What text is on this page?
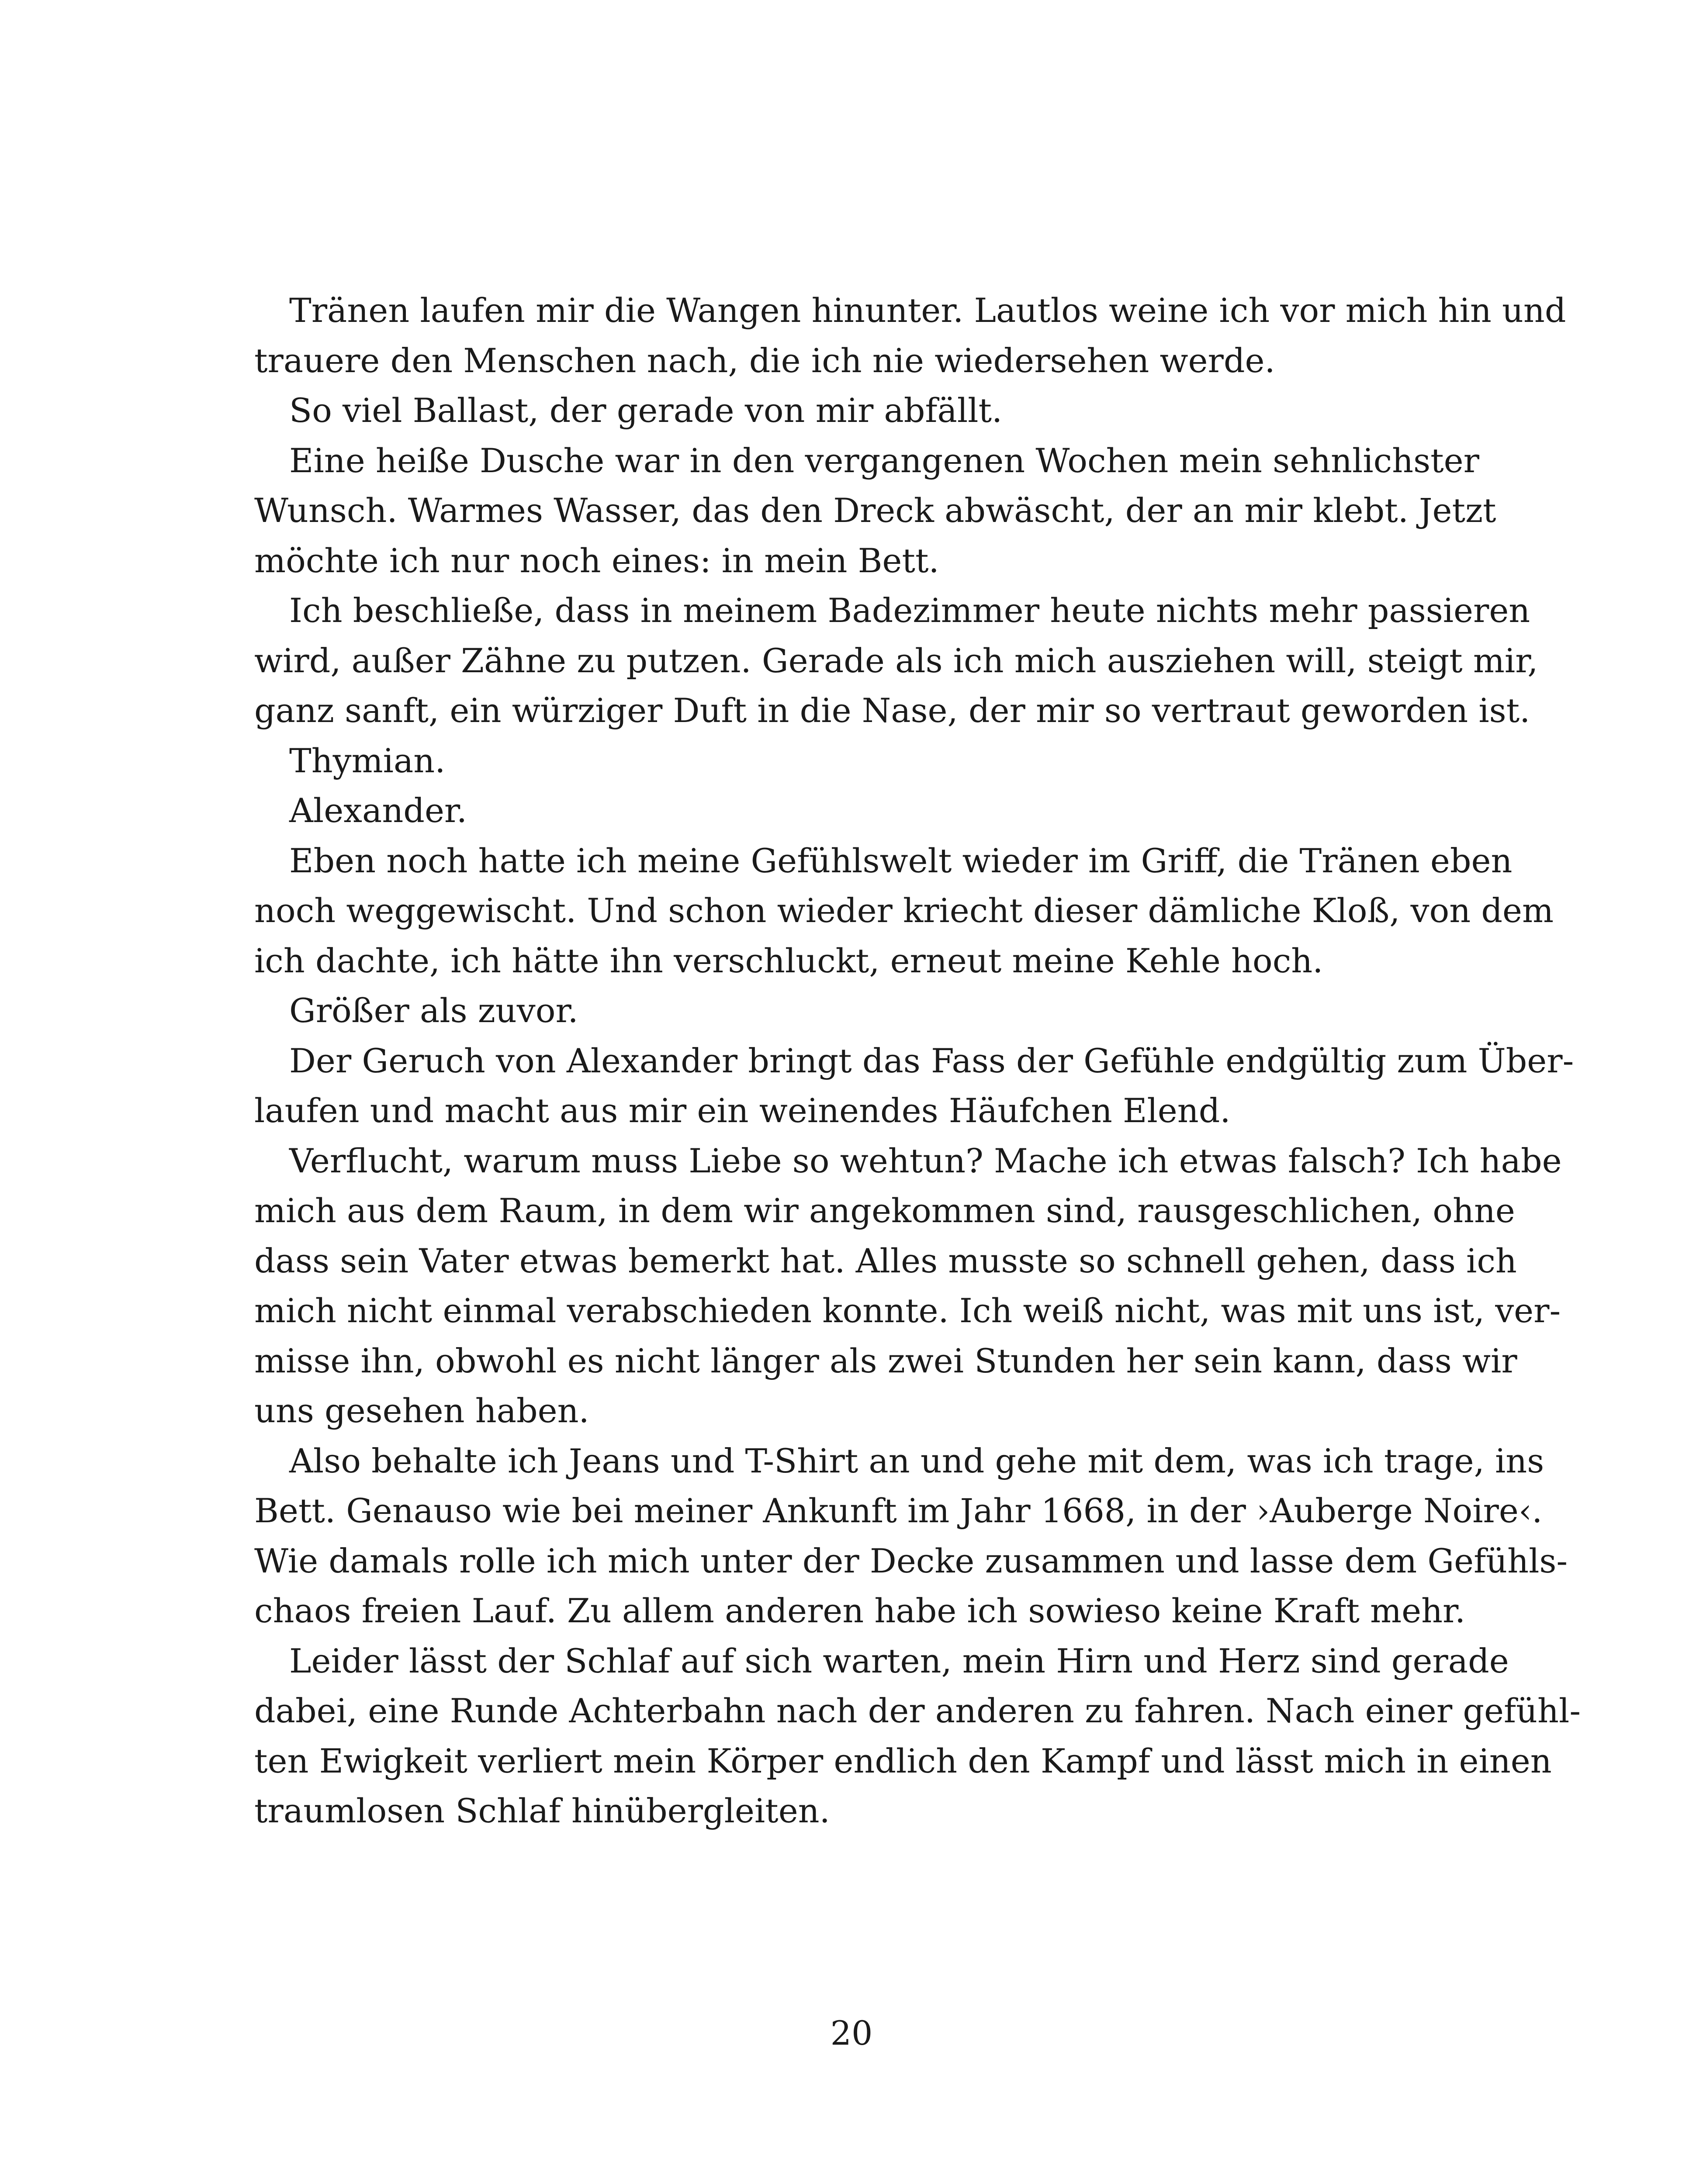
Tränen laufen mir die Wangen hinunter. Lautlos weine ich vor mich hin und
trauere den Menschen nach, die ich nie wiedersehen werde.
So viel Ballast, der gerade von mir abfällt.
Eine heiße Dusche war in den vergangenen Wochen mein sehnlichster
Wunsch. Warmes Wasser, das den Dreck abwäscht, der an mir klebt. Jetzt
möchte ich nur noch eines: in mein Bett.
Ich beschließe, dass in meinem Badezimmer heute nichts mehr passieren
wird, außer Zähne zu putzen. Gerade als ich mich ausziehen will, steigt mir,
ganz sanft, ein würziger Duft in die Nase, der mir so vertraut geworden ist.
Thymian.
Alexander.
Eben noch hatte ich meine Gefühlswelt wieder im Griff, die Tränen eben
noch weggewischt. Und schon wieder kriecht dieser dämliche Kloß, von dem
ich dachte, ich hätte ihn verschluckt, erneut meine Kehle hoch.
Größer als zuvor.
Der Geruch von Alexander bringt das Fass der Gefühle endgültig zum Über-
laufen und macht aus mir ein weinendes Häufchen Elend.
Verflucht, warum muss Liebe so wehtun? Mache ich etwas falsch? Ich habe
mich aus dem Raum, in dem wir angekommen sind, rausgeschlichen, ohne
dass sein Vater etwas bemerkt hat. Alles musste so schnell gehen, dass ich
mich nicht einmal verabschieden konnte. Ich weiß nicht, was mit uns ist, ver-
misse ihn, obwohl es nicht länger als zwei Stunden her sein kann, dass wir
uns gesehen haben.
Also behalte ich Jeans und T-Shirt an und gehe mit dem, was ich trage, ins
Bett. Genauso wie bei meiner Ankunft im Jahr 1668, in der ›Auberge Noire‹.
Wie damals rolle ich mich unter der Decke zusammen und lasse dem Gefühls-
chaos freien Lauf. Zu allem anderen habe ich sowieso keine Kraft mehr.
Leider lässt der Schlaf auf sich warten, mein Hirn und Herz sind gerade
dabei, eine Runde Achterbahn nach der anderen zu fahren. Nach einer gefühl-
ten Ewigkeit verliert mein Körper endlich den Kampf und lässt mich in einen
traumlosen Schlaf hinübergleiten.
20
